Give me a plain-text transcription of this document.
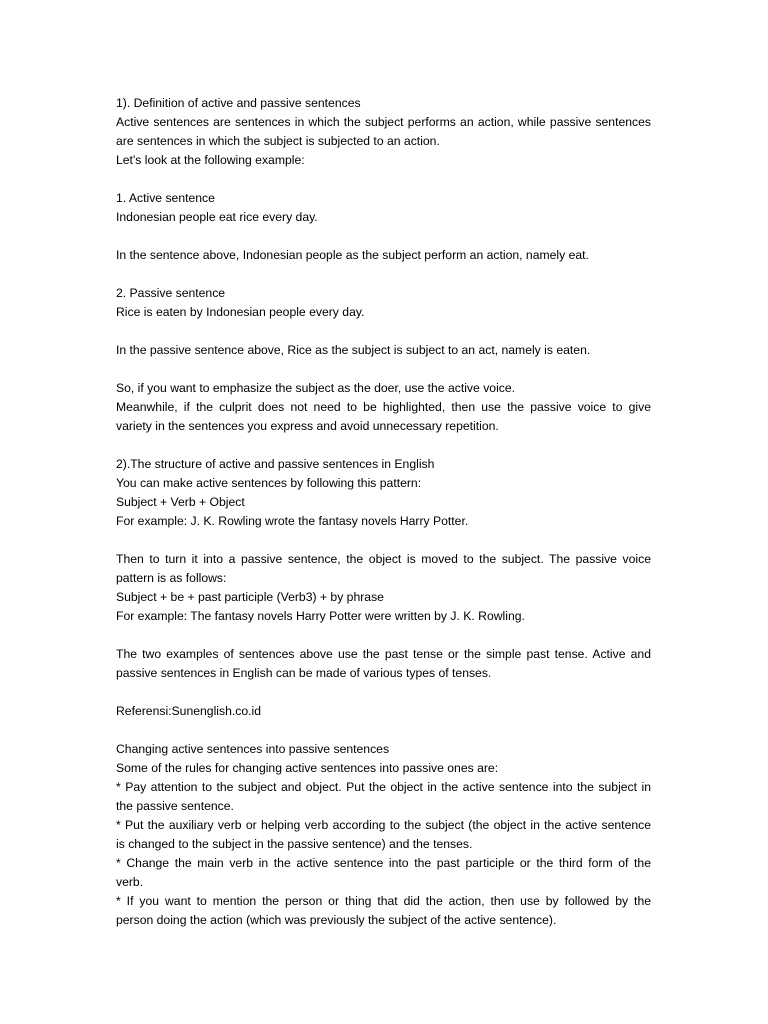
1). Definition of active and passive sentences
Active sentences are sentences in which the subject performs an action, while passive sentences
are sentences in which the subject is subjected to an action.
Let's look at the following example:
1. Active sentence
Indonesian people eat rice every day.
In the sentence above, Indonesian people as the subject perform an action, namely eat.
2. Passive sentence
Rice is eaten by Indonesian people every day.
In the passive sentence above, Rice as the subject is subject to an act, namely is eaten.
So, if you want to emphasize the subject as the doer, use the active voice.
Meanwhile, if the culprit does not need to be highlighted, then use the passive voice to give
variety in the sentences you express and avoid unnecessary repetition.
2).The structure of active and passive sentences in English
You can make active sentences by following this pattern:
Subject + Verb + Object
For example: J. K. Rowling wrote the fantasy novels Harry Potter.
Then to turn it into a passive sentence, the object is moved to the subject. The passive voice
pattern is as follows:
Subject + be + past participle (Verb3) + by phrase
For example: The fantasy novels Harry Potter were written by J. K. Rowling.
The two examples of sentences above use the past tense or the simple past tense. Active and
passive sentences in English can be made of various types of tenses.
Referensi:Sunenglish.co.id
Changing active sentences into passive sentences
Some of the rules for changing active sentences into passive ones are:
* Pay attention to the subject and object. Put the object in the active sentence into the subject in
the passive sentence.
* Put the auxiliary verb or helping verb according to the subject (the object in the active sentence
is changed to the subject in the passive sentence) and the tenses.
* Change the main verb in the active sentence into the past participle or the third form of the
verb.
* If you want to mention the person or thing that did the action, then use by followed by the
person doing the action (which was previously the subject of the active sentence).
